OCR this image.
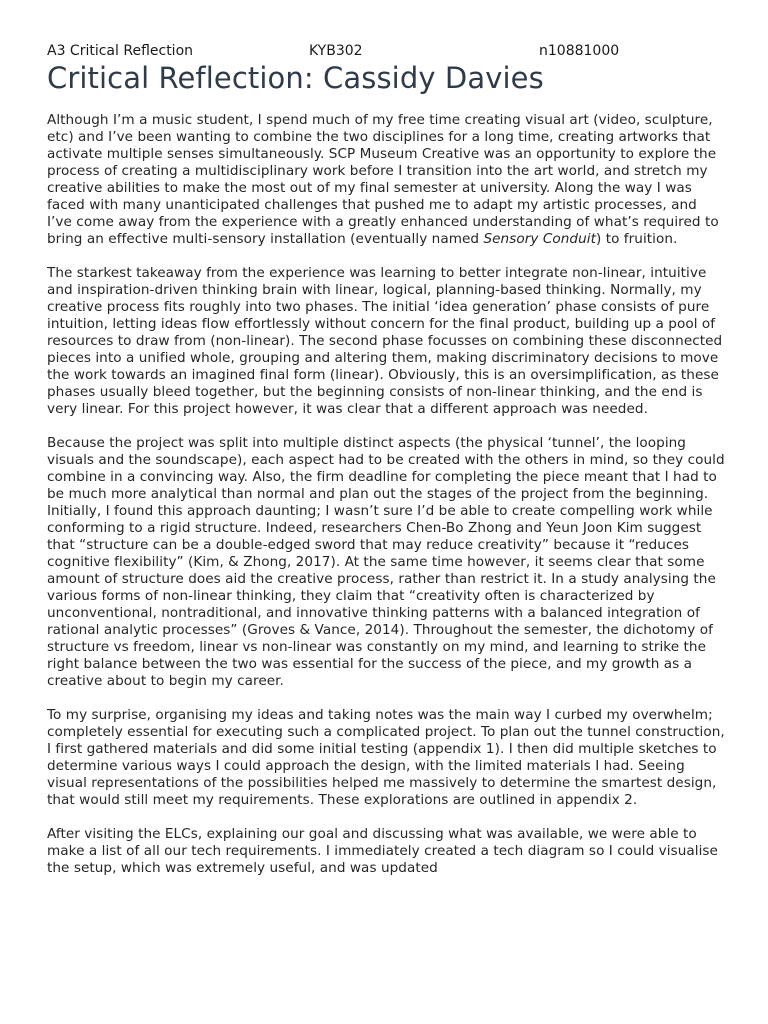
A3 Critical Reflection	KYB302	n10881000
Critical Reflection: Cassidy Davies

Although I’m a music student, I spend much of my free time creating visual art (video, sculpture, etc) and I’ve been wanting to combine the two disciplines for a long time, creating artworks that activate multiple senses simultaneously. SCP Museum Creative was an opportunity to explore the process of creating a multidisciplinary work before I transition into the art world, and stretch my creative abilities to make the most out of my final semester at university. Along the way I was faced with many unanticipated challenges that pushed me to adapt my artistic processes, and I’ve come away from the experience with a greatly enhanced understanding of what’s required to bring an effective multi-sensory installation (eventually named Sensory Conduit) to fruition.

The starkest takeaway from the experience was learning to better integrate non-linear, intuitive and inspiration-driven thinking brain with linear, logical, planning-based thinking. Normally, my creative process fits roughly into two phases. The initial ‘idea generation’ phase consists of pure intuition, letting ideas flow effortlessly without concern for the final product, building up a pool of resources to draw from (non-linear). The second phase focusses on combining these disconnected pieces into a unified whole, grouping and altering them, making discriminatory decisions to move the work towards an imagined final form (linear). Obviously, this is an oversimplification, as these phases usually bleed together, but the beginning consists of non-linear thinking, and the end is very linear. For this project however, it was clear that a different approach was needed.

Because the project was split into multiple distinct aspects (the physical ‘tunnel’, the looping visuals and the soundscape), each aspect had to be created with the others in mind, so they could combine in a convincing way. Also, the firm deadline for completing the piece meant that I had to be much more analytical than normal and plan out the stages of the project from the beginning. Initially, I found this approach daunting; I wasn’t sure I’d be able to create compelling work while conforming to a rigid structure. Indeed, researchers Chen-Bo Zhong and Yeun Joon Kim suggest that “structure can be a double-edged sword that may reduce creativity” because it “reduces cognitive flexibility” (Kim, & Zhong, 2017). At the same time however, it seems clear that some amount of structure does aid the creative process, rather than restrict it. In a study analysing the various forms of non-linear thinking, they claim that “creativity often is characterized by unconventional, nontraditional, and innovative thinking patterns with a balanced integration of rational analytic processes” (Groves & Vance, 2014). Throughout the semester, the dichotomy of structure vs freedom, linear vs non-linear was constantly on my mind, and learning to strike the right balance between the two was essential for the success of the piece, and my growth as a creative about to begin my career.

To my surprise, organising my ideas and taking notes was the main way I curbed my overwhelm; completely essential for executing such a complicated project. To plan out the tunnel construction, I first gathered materials and did some initial testing (appendix 1). I then did multiple sketches to determine various ways I could approach the design, with the limited materials I had. Seeing visual representations of the possibilities helped me massively to determine the smartest design, that would still meet my requirements. These explorations are outlined in appendix 2.

After visiting the ELCs, explaining our goal and discussing what was available, we were able to make a list of all our tech requirements. I immediately created a tech diagram so I could visualise the setup, which was extremely useful, and was updated
